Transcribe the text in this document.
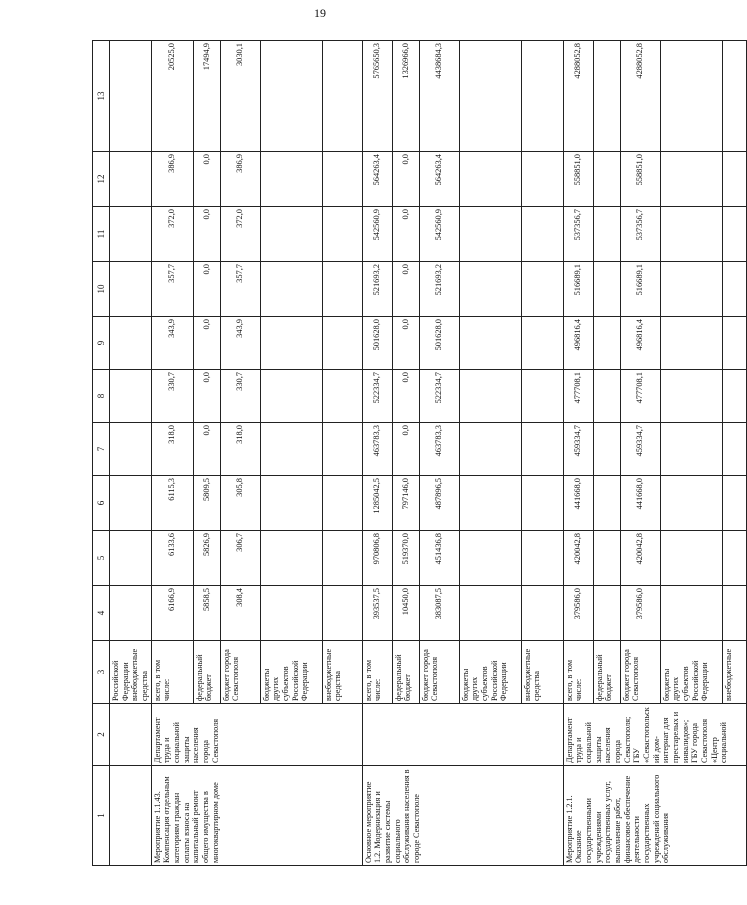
19
1	2	3	4	5	6	7	8	9	10	11	12	13
		Российской Федерации внебюджетные средства										
Мероприятие 1.1.43. Компенсация отдельным категориям граждан оплаты взноса на капитальный ремонт общего имущества в многоквартирном доме	Департамент труда и социальной защиты населения города Севастополя	всего, в том числе:	6166,9	6133,6	6115,3	318,0	330,7	343,9	357,7	372,0	386,9	20525,0
		федеральный бюджет	5858,5	5826,9	5809,5	0,0	0,0	0,0	0,0	0,0	0,0	17494,9
		бюджет города Севастополя	308,4	306,7	305,8	318,0	330,7	343,9	357,7	372,0	386,9	3030,1
		бюджеты других субъектов Российской Федерации										
		внебюджетные средства										
Основное мероприятие 1.2. Модернизация и развитие системы социального обслуживания населения в городе Севастополе		всего, в том числе:	393537,5	970806,8	1285042,5	463783,3	522334,7	501628,0	521693,2	542560,9	564263,4	5765650,3
		федеральный бюджет	10450,0	519370,0	797146,0	0,0	0,0	0,0	0,0	0,0	0,0	1326966,0
		бюджет города Севастополя	383087,5	451436,8	487896,5	463783,3	522334,7	501628,0	521693,2	542560,9	564263,4	4438684,3
		бюджеты других субъектов Российской Федерации										
		внебюджетные средства										
Мероприятие 1.2.1. Оказание государственными учреждениями государственных услуг, выполнение работ, финансовое обеспечение деятельности государственных учреждений социального обслуживания	Департамент труда и социальной защиты населения города Севастополя; ГБУ «Севастопольский дом-интернат для престарелых и инвалидов»; ГБУ города Севастополя «Центр социальной	всего, в том числе:	379586,0	420042,8	441668,0	459334,7	477708,1	496816,4	516689,1	537356,7	558851,0	4288052,8
		федеральный бюджет										
		бюджет города Севастополя	379586,0	420042,8	441668,0	459334,7	477708,1	496816,4	516689,1	537356,7	558851,0	4288052,8
		бюджеты других субъектов Российской Федерации										
		внебюджетные										
